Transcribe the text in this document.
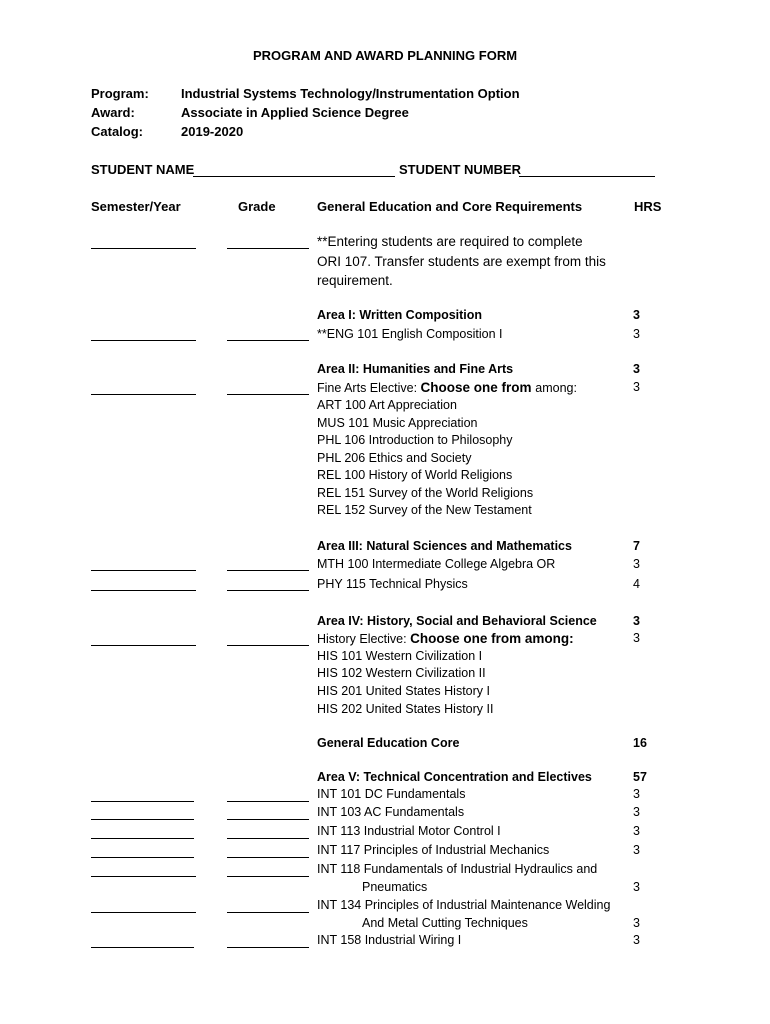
PROGRAM AND AWARD PLANNING FORM
Program: Industrial Systems Technology/Instrumentation Option
Award:	Associate in Applied Science Degree
Catalog:	2019-2020
STUDENT NAME	STUDENT NUMBER
Semester/Year	Grade	General Education and Core Requirements	HRS
**Entering students are required to complete
ORI 107. Transfer students are exempt from this
requirement.
Area I: Written Composition	3
**ENG 101 English Composition I	3
Area II: Humanities and Fine Arts	3
Fine Arts Elective: Choose one from among:	3
ART 100 Art Appreciation
MUS 101 Music Appreciation
PHL 106 Introduction to Philosophy
PHL 206 Ethics and Society
REL 100 History of World Religions
REL 151 Survey of the World Religions
REL 152 Survey of the New Testament
Area III: Natural Sciences and Mathematics	7
MTH 100 Intermediate College Algebra OR	3
PHY 115 Technical Physics	4
Area IV: History, Social and Behavioral Science	3
History Elective: Choose one from among:	3
HIS 101 Western Civilization I
HIS 102 Western Civilization II
HIS 201 United States History I
HIS 202 United States History II
General Education Core	16
Area V: Technical Concentration and Electives	57
INT 101 DC Fundamentals	3
INT 103 AC Fundamentals	3
INT 113 Industrial Motor Control I	3
INT 117 Principles of Industrial Mechanics	3
INT 118 Fundamentals of Industrial Hydraulics and
Pneumatics	3
INT 134 Principles of Industrial Maintenance Welding
And Metal Cutting Techniques	3
INT 158 Industrial Wiring I	3
